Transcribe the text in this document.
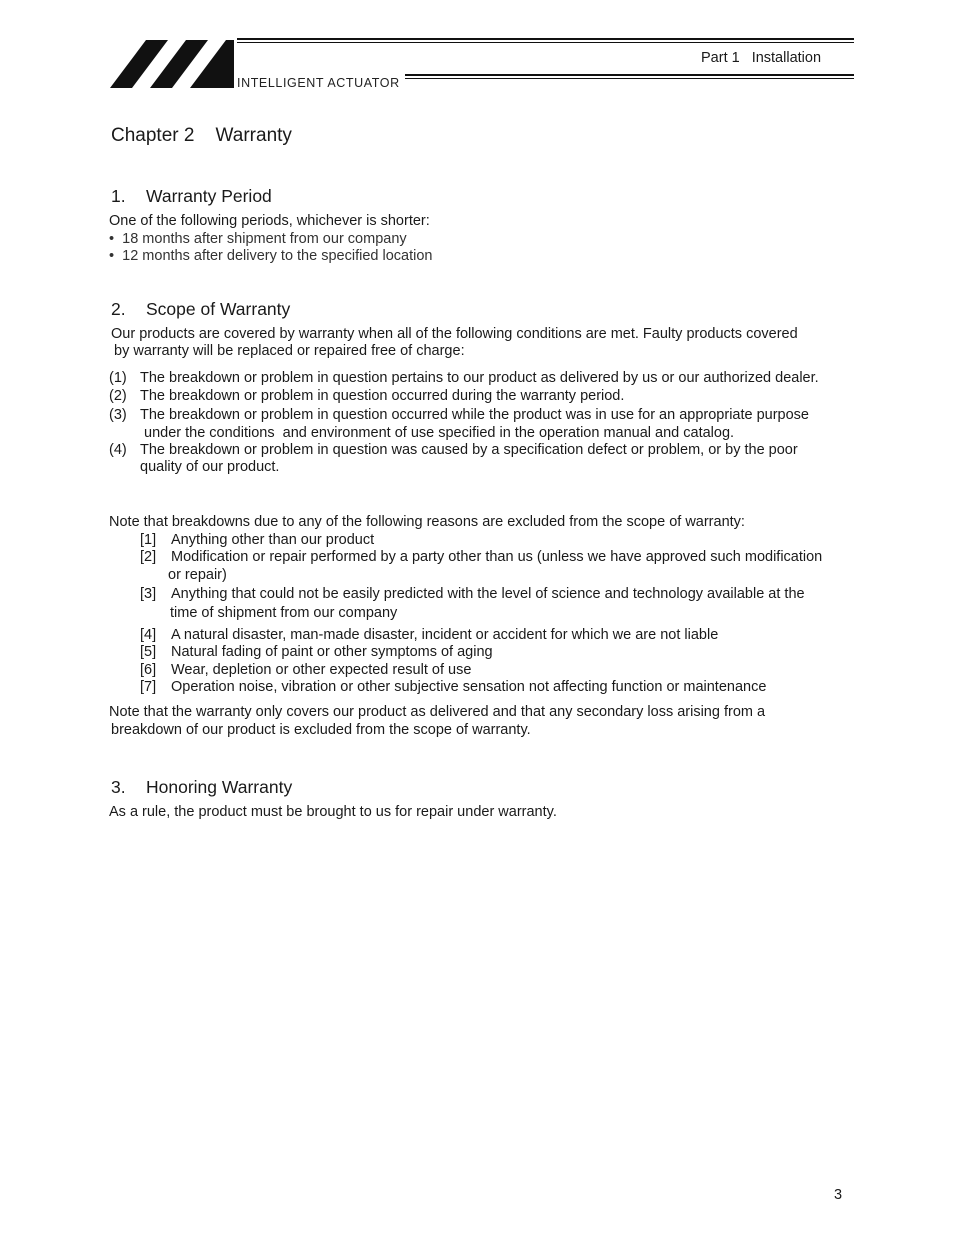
INTELLIGENT ACTUATOR
Part 1 Installation
Chapter 2    Warranty
1. Warranty Period
One of the following periods, whichever is shorter:
•  18 months after shipment from our company
•  12 months after delivery to the specified location
2. Scope of Warranty
Our products are covered by warranty when all of the following conditions are met. Faulty products covered
by warranty will be replaced or repaired free of charge:
(1) The breakdown or problem in question pertains to our product as delivered by us or our authorized dealer.
(2) The breakdown or problem in question occurred during the warranty period.
(3) The breakdown or problem in question occurred while the product was in use for an appropriate purpose
under the conditions  and environment of use specified in the operation manual and catalog.
(4) The breakdown or problem in question was caused by a specification defect or problem, or by the poor
quality of our product.
Note that breakdowns due to any of the following reasons are excluded from the scope of warranty:
[1] Anything other than our product
[2] Modification or repair performed by a party other than us (unless we have approved such modification
or repair)
[3] Anything that could not be easily predicted with the level of science and technology available at the
time of shipment from our company
[4] A natural disaster, man-made disaster, incident or accident for which we are not liable
[5] Natural fading of paint or other symptoms of aging
[6] Wear, depletion or other expected result of use
[7] Operation noise, vibration or other subjective sensation not affecting function or maintenance
Note that the warranty only covers our product as delivered and that any secondary loss arising from a
breakdown of our product is excluded from the scope of warranty.
3. Honoring Warranty
As a rule, the product must be brought to us for repair under warranty.
3
